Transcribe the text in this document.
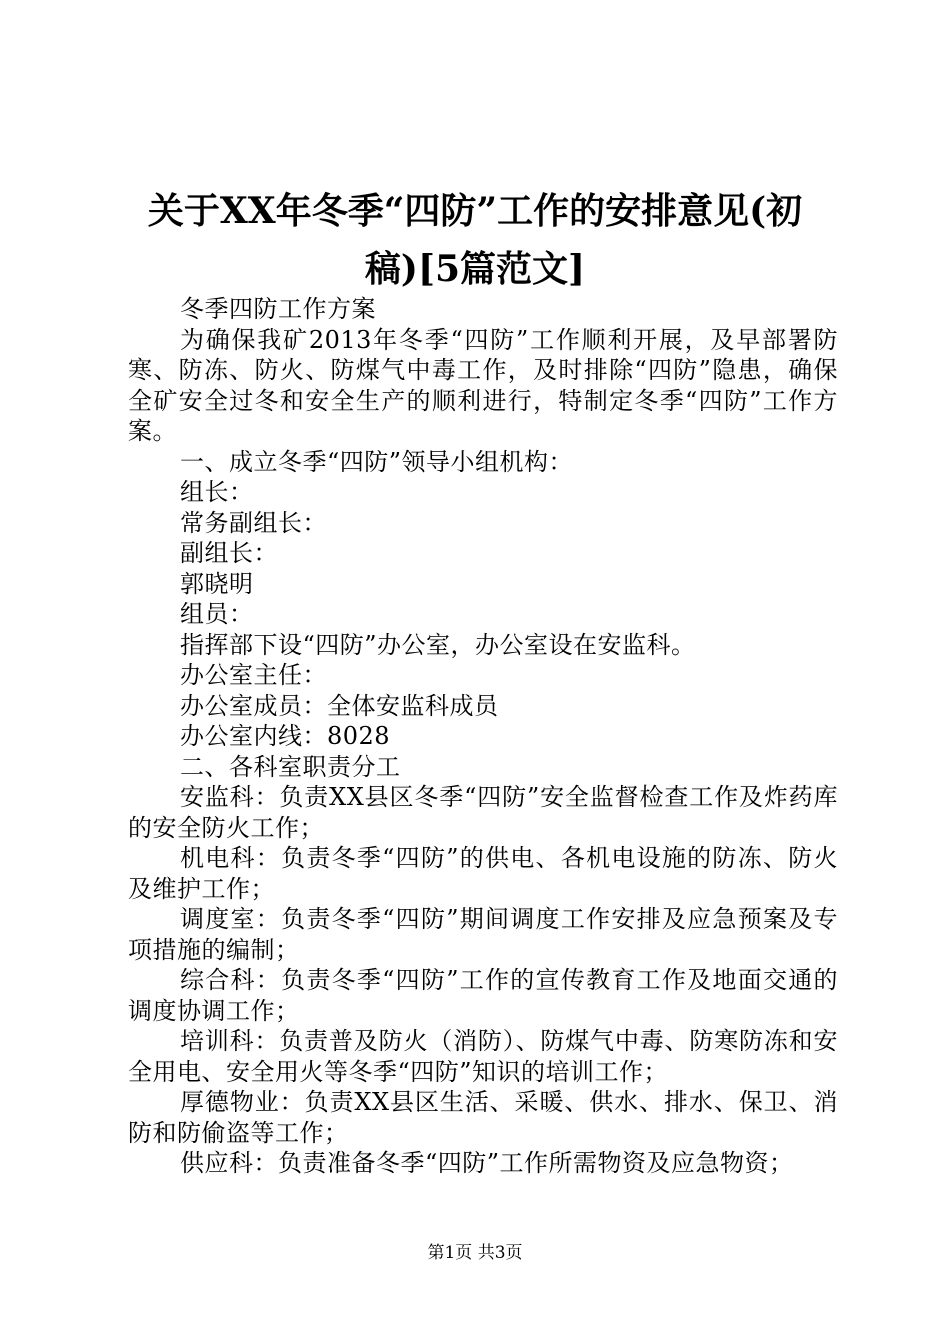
关于XX年冬季“四防”工作的安排意见(初
稿)[5篇范文]

冬季四防工作方案

为确保我矿2013年冬季“四防”工作顺利开展，及早部署防寒、防冻、防火、防煤气中毒工作，及时排除“四防”隐患，确保全矿安全过冬和安全生产的顺利进行，特制定冬季“四防”工作方案。

一、成立冬季“四防”领导小组机构：

组长：

常务副组长：

副组长：

郭晓明

组员：

指挥部下设“四防”办公室，办公室设在安监科。

办公室主任：

办公室成员：全体安监科成员

办公室内线：8028

二、各科室职责分工

安监科：负责XX县区冬季“四防”安全监督检查工作及炸药库的安全防火工作；

机电科：负责冬季“四防”的供电、各机电设施的防冻、防火及维护工作；

调度室：负责冬季“四防”期间调度工作安排及应急预案及专项措施的编制；

综合科：负责冬季“四防”工作的宣传教育工作及地面交通的调度协调工作；

培训科：负责普及防火（消防）、防煤气中毒、防寒防冻和安全用电、安全用火等冬季“四防”知识的培训工作；

厚德物业：负责XX县区生活、采暖、供水、排水、保卫、消防和防偷盗等工作；

供应科：负责准备冬季“四防”工作所需物资及应急物资；

第1页 共3页
